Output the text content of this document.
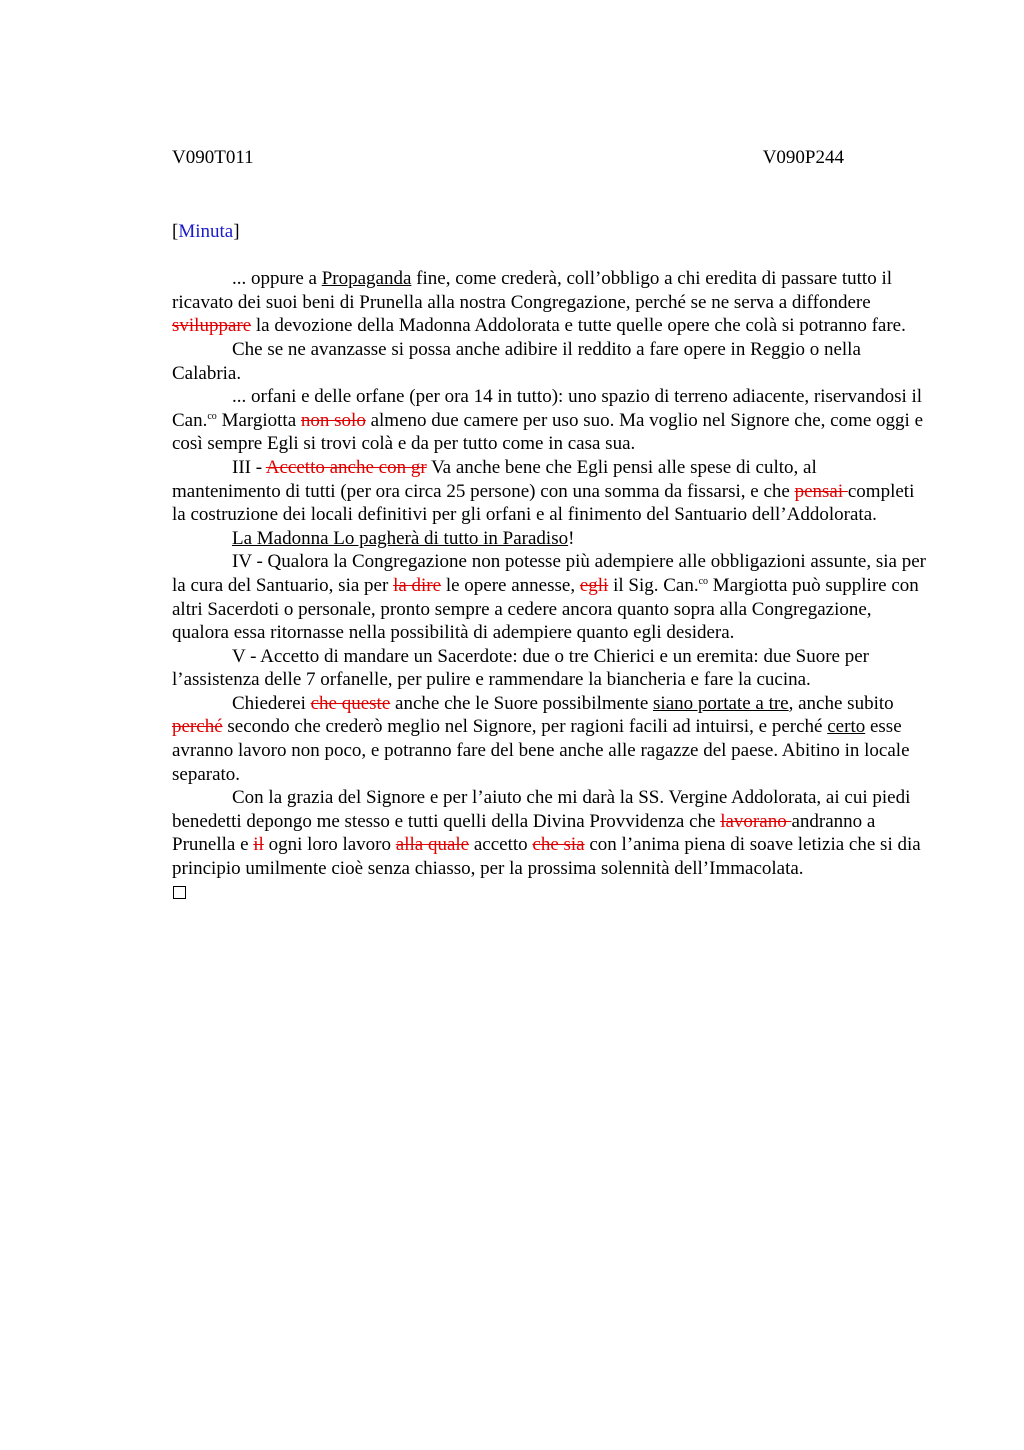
V090T011	V090P244
[Minuta]

... oppure a Propaganda fine, come crederà, coll’obbligo a chi eredita di passare tutto il ricavato dei suoi beni di Prunella alla nostra Congregazione, perché se ne serva a diffondere sviluppare la devozione della Madonna Addolorata e tutte quelle opere che colà si potranno fare.

Che se ne avanzasse si possa anche adibire il reddito a fare opere in Reggio o nella Calabria.

... orfani e delle orfane (per ora 14 in tutto): uno spazio di terreno adiacente, riservandosi il Can.$^{co}$ Margiotta non solo almeno due camere per uso suo. Ma voglio nel Signore che, come oggi e così sempre Egli si trovi colà e da per tutto come in casa sua.

III - Accetto anche con gr Va anche bene che Egli pensi alle spese di culto, al mantenimento di tutti (per ora circa 25 persone) con una somma da fissarsi, e che pensai completi la costruzione dei locali definitivi per gli orfani e al finimento del Santuario dell’Addolorata.

La Madonna Lo pagherà di tutto in Paradiso!

IV - Qualora la Congregazione non potesse più adempiere alle obbligazioni assunte, sia per la cura del Santuario, sia per la dire le opere annesse, egli il Sig. Can.$^{co}$ Margiotta può supplire con altri Sacerdoti o personale, pronto sempre a cedere ancora quanto sopra alla Congregazione, qualora essa ritornasse nella possibilità di adempiere quanto egli desidera.

V - Accetto di mandare un Sacerdote: due o tre Chierici e un eremita: due Suore per l’assistenza delle 7 orfanelle, per pulire e rammendare la biancheria e fare la cucina.

Chiederei che queste anche che le Suore possibilmente siano portate a tre, anche subito perché secondo che crederò meglio nel Signore, per ragioni facili ad intuirsi, e perché certo esse avranno lavoro non poco, e potranno fare del bene anche alle ragazze del paese. Abitino in locale separato.

Con la grazia del Signore e per l’aiuto che mi darà la SS. Vergine Addolorata, ai cui piedi benedetti depongo me stesso e tutti quelli della Divina Provvidenza che lavorano andranno a Prunella e il ogni loro lavoro alla quale accetto che sia con l’anima piena di soave letizia che si dia principio umilmente cioè senza chiasso, per la prossima solennità dell’Immacolata.
